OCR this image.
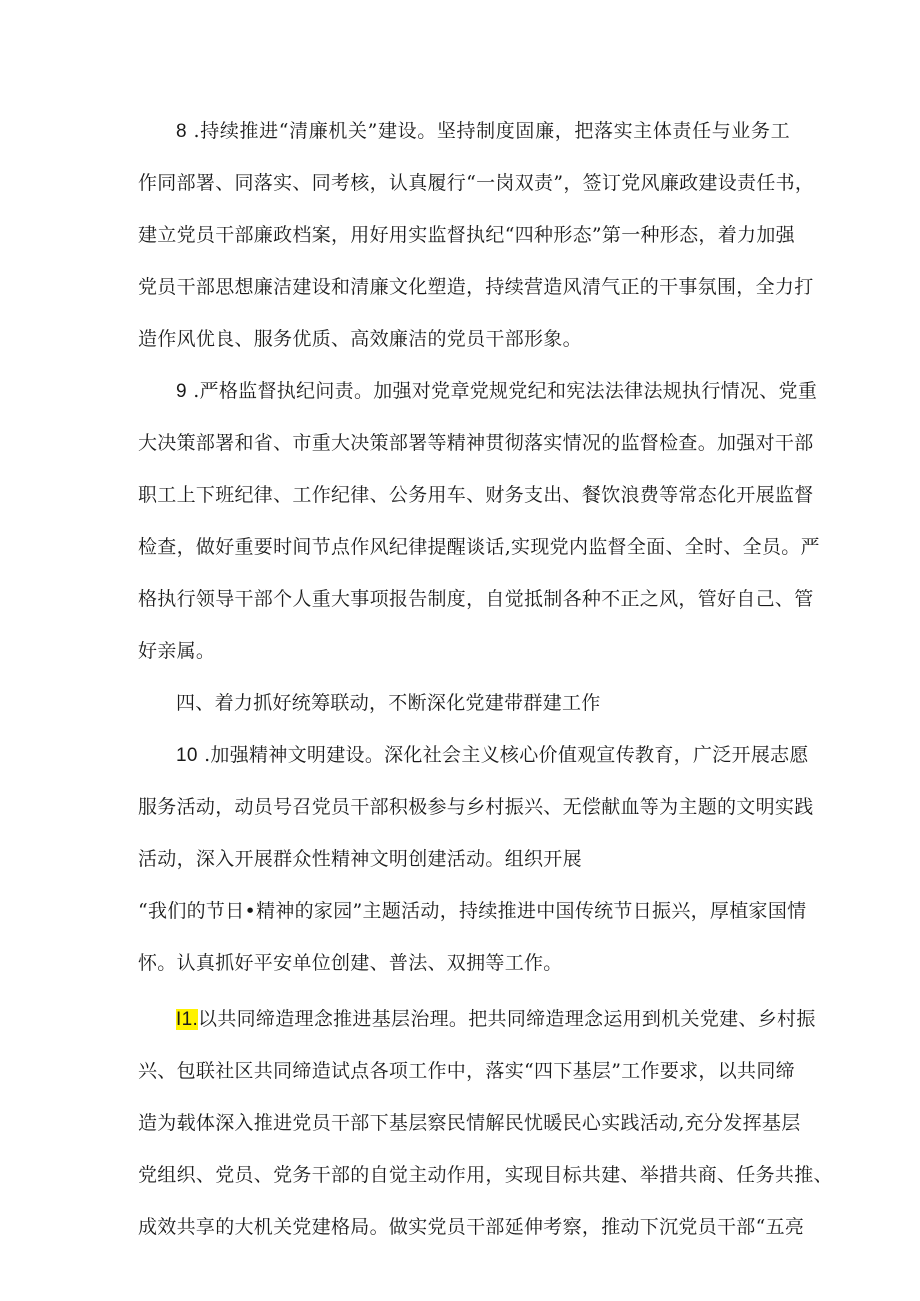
8 .持续推进“清廉机关”建设。坚持制度固廉，把落实主体责任与业务工
作同部署、同落实、同考核，认真履行“一岗双责”，签订党风廉政建设责任书，
建立党员干部廉政档案，用好用实监督执纪“四种形态”第一种形态，着力加强
党员干部思想廉洁建设和清廉文化塑造，持续营造风清气正的干事氛围，全力打
造作风优良、服务优质、高效廉洁的党员干部形象。
9 .严格监督执纪问责。加强对党章党规党纪和宪法法律法规执行情况、党重
大决策部署和省、市重大决策部署等精神贯彻落实情况的监督检查。加强对干部
职工上下班纪律、工作纪律、公务用车、财务支出、餐饮浪费等常态化开展监督
检查，做好重要时间节点作风纪律提醒谈话,实现党内监督全面、全时、全员。严
格执行领导干部个人重大事项报告制度，自觉抵制各种不正之风，管好自己、管
好亲属。
四、着力抓好统筹联动，不断深化党建带群建工作
10 .加强精神文明建设。深化社会主义核心价值观宣传教育，广泛开展志愿
服务活动，动员号召党员干部积极参与乡村振兴、无偿献血等为主题的文明实践
活动，深入开展群众性精神文明创建活动。组织开展
“我们的节日•精神的家园”主题活动，持续推进中国传统节日振兴，厚植家国情
怀。认真抓好平安单位创建、普法、双拥等工作。
I1.以共同缔造理念推进基层治理。把共同缔造理念运用到机关党建、乡村振
兴、包联社区共同缔造试点各项工作中，落实“四下基层”工作要求，以共同缔
造为载体深入推进党员干部下基层察民情解民忧暖民心实践活动,充分发挥基层
党组织、党员、党务干部的自觉主动作用，实现目标共建、举措共商、任务共推、
成效共享的大机关党建格局。做实党员干部延伸考察，推动下沉党员干部“五亮
